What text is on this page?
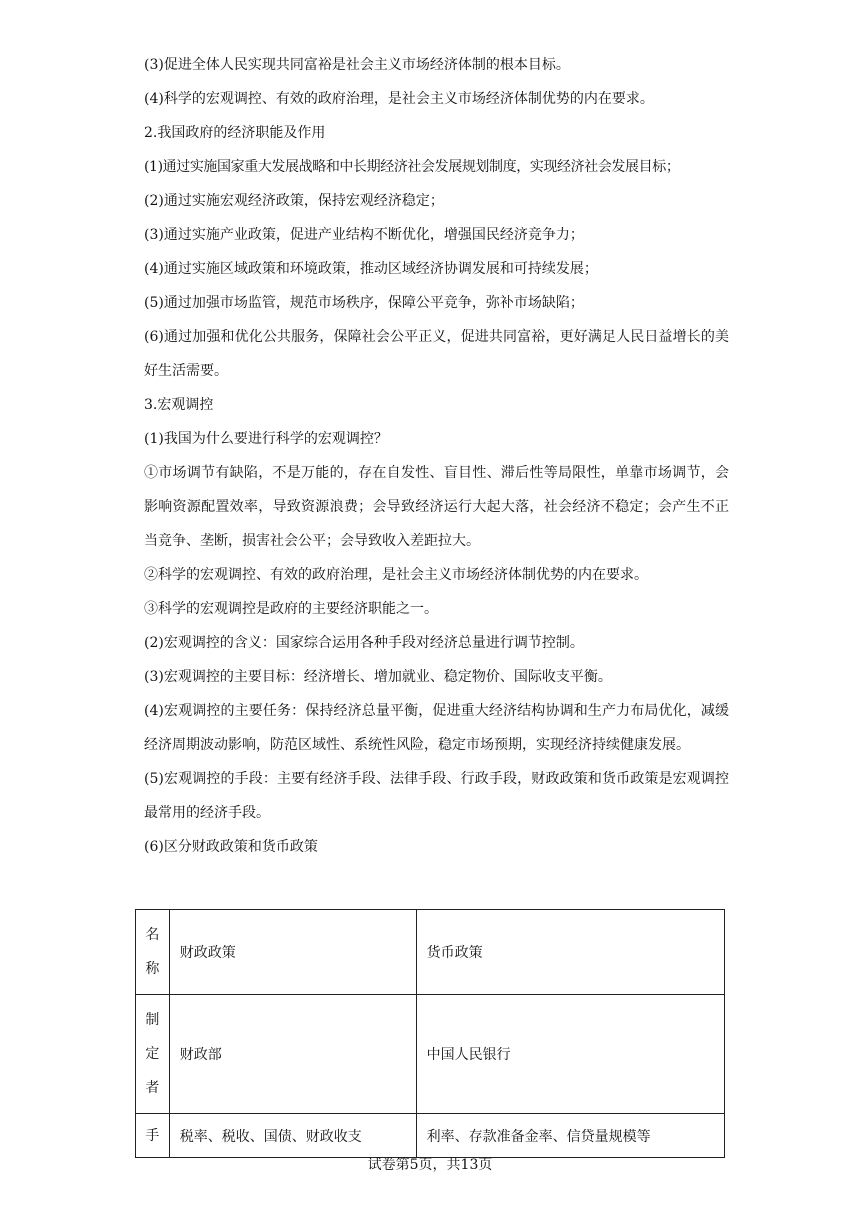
(3)促进全体人民实现共同富裕是社会主义市场经济体制的根本目标。

(4)科学的宏观调控、有效的政府治理，是社会主义市场经济体制优势的内在要求。

2.我国政府的经济职能及作用

(1)通过实施国家重大发展战略和中长期经济社会发展规划制度，实现经济社会发展目标；

(2)通过实施宏观经济政策，保持宏观经济稳定；

(3)通过实施产业政策，促进产业结构不断优化，增强国民经济竞争力；

(4)通过实施区域政策和环境政策，推动区域经济协调发展和可持续发展；

(5)通过加强市场监管，规范市场秩序，保障公平竞争，弥补市场缺陷；

(6)通过加强和优化公共服务，保障社会公平正义，促进共同富裕，更好满足人民日益增长的美好生活需要。

3.宏观调控

(1)我国为什么要进行科学的宏观调控？

①市场调节有缺陷，不是万能的，存在自发性、盲目性、滞后性等局限性，单靠市场调节，会影响资源配置效率，导致资源浪费；会导致经济运行大起大落，社会经济不稳定；会产生不正当竞争、垄断，损害社会公平；会导致收入差距拉大。

②科学的宏观调控、有效的政府治理，是社会主义市场经济体制优势的内在要求。

③科学的宏观调控是政府的主要经济职能之一。

(2)宏观调控的含义：国家综合运用各种手段对经济总量进行调节控制。

(3)宏观调控的主要目标：经济增长、增加就业、稳定物价、国际收支平衡。

(4)宏观调控的主要任务：保持经济总量平衡，促进重大经济结构协调和生产力布局优化，减缓经济周期波动影响，防范区域性、系统性风险，稳定市场预期，实现经济持续健康发展。

(5)宏观调控的手段：主要有经济手段、法律手段、行政手段，财政政策和货币政策是宏观调控最常用的经济手段。

(6)区分财政政策和货币政策

名称	财政政策	货币政策
制定者	财政部	中国人民银行
手	税率、税收、国债、财政收支	利率、存款准备金率、信贷量规模等
试卷第5页，共13页
